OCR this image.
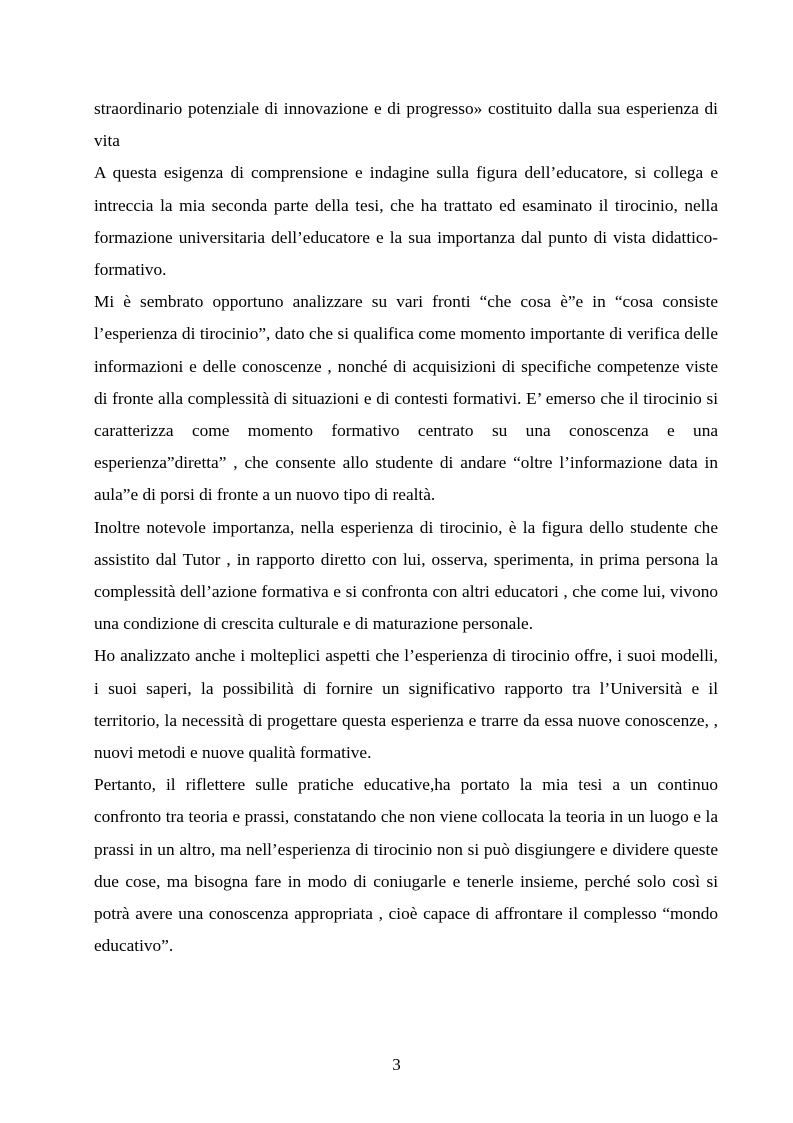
straordinario potenziale di innovazione e di progresso» costituito dalla sua esperienza di vita

A questa esigenza di comprensione e indagine sulla figura dell’educatore, si collega e intreccia la mia seconda parte della tesi, che ha trattato ed esaminato il tirocinio, nella formazione universitaria dell’educatore e la sua importanza dal punto di vista didattico- formativo.

Mi è sembrato opportuno analizzare su vari fronti “che cosa è”e in “cosa consiste l’esperienza di tirocinio”, dato che si qualifica come momento importante di verifica delle informazioni e delle conoscenze , nonché di acquisizioni di specifiche competenze viste di fronte alla complessità di situazioni e di contesti formativi. E’ emerso che il tirocinio si caratterizza come momento formativo centrato su una conoscenza e una esperienza”diretta” , che consente allo studente di andare “oltre l’informazione data in aula”e di porsi di fronte a un nuovo tipo di realtà.

Inoltre notevole importanza, nella esperienza di tirocinio, è la figura dello studente che assistito dal Tutor , in rapporto diretto con lui, osserva, sperimenta, in prima persona la complessità dell’azione formativa e si confronta con altri educatori , che come lui, vivono una condizione di crescita culturale e di maturazione personale.

Ho analizzato anche i molteplici aspetti che l’esperienza di tirocinio offre, i suoi modelli, i suoi saperi, la possibilità di fornire un significativo rapporto tra l’Università e il territorio, la necessità di progettare questa esperienza e trarre da essa nuove conoscenze, , nuovi metodi e nuove qualità formative.

Pertanto, il riflettere sulle pratiche educative,ha portato la mia tesi a un continuo confronto tra teoria e prassi, constatando che non viene collocata la teoria in un luogo e la prassi in un altro, ma nell’esperienza di tirocinio non si può disgiungere e dividere queste due cose, ma bisogna fare in modo di coniugarle e tenerle insieme, perché solo così si potrà avere una conoscenza appropriata , cioè capace di affrontare il complesso “mondo educativo”.

3
